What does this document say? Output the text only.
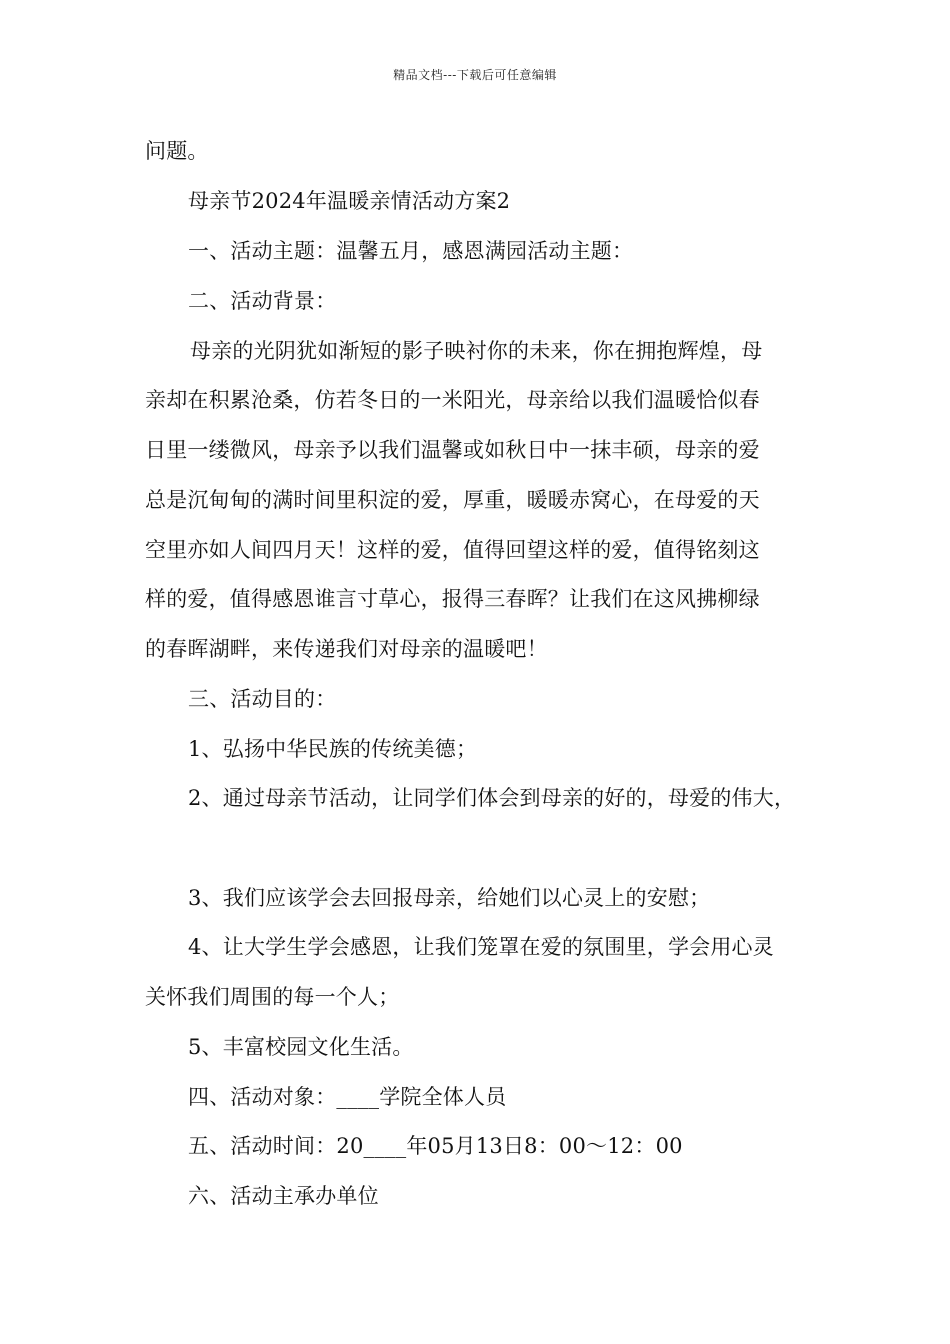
精品文档---下载后可任意编辑
问题。
母亲节2024年温暖亲情活动方案2
一、活动主题：温馨五月，感恩满园活动主题：
二、活动背景：
母亲的光阴犹如渐短的影子映衬你的未来，你在拥抱辉煌，母
亲却在积累沧桑，仿若冬日的一米阳光，母亲给以我们温暖恰似春
日里一缕微风，母亲予以我们温馨或如秋日中一抹丰硕，母亲的爱
总是沉甸甸的满时间里积淀的爱，厚重，暖暖赤窝心，在母爱的天
空里亦如人间四月天！这样的爱，值得回望这样的爱，值得铭刻这
样的爱，值得感恩谁言寸草心，报得三春晖？让我们在这风拂柳绿
的春晖湖畔，来传递我们对母亲的温暖吧！
三、活动目的：
1、弘扬中华民族的传统美德；
2、通过母亲节活动，让同学们体会到母亲的好的，母爱的伟大，
3、我们应该学会去回报母亲，给她们以心灵上的安慰；
4、让大学生学会感恩，让我们笼罩在爱的氛围里，学会用心灵
关怀我们周围的每一个人；
5、丰富校园文化生活。
四、活动对象：____学院全体人员
五、活动时间：20____年05月13日8：00～12：00
六、活动主承办单位
